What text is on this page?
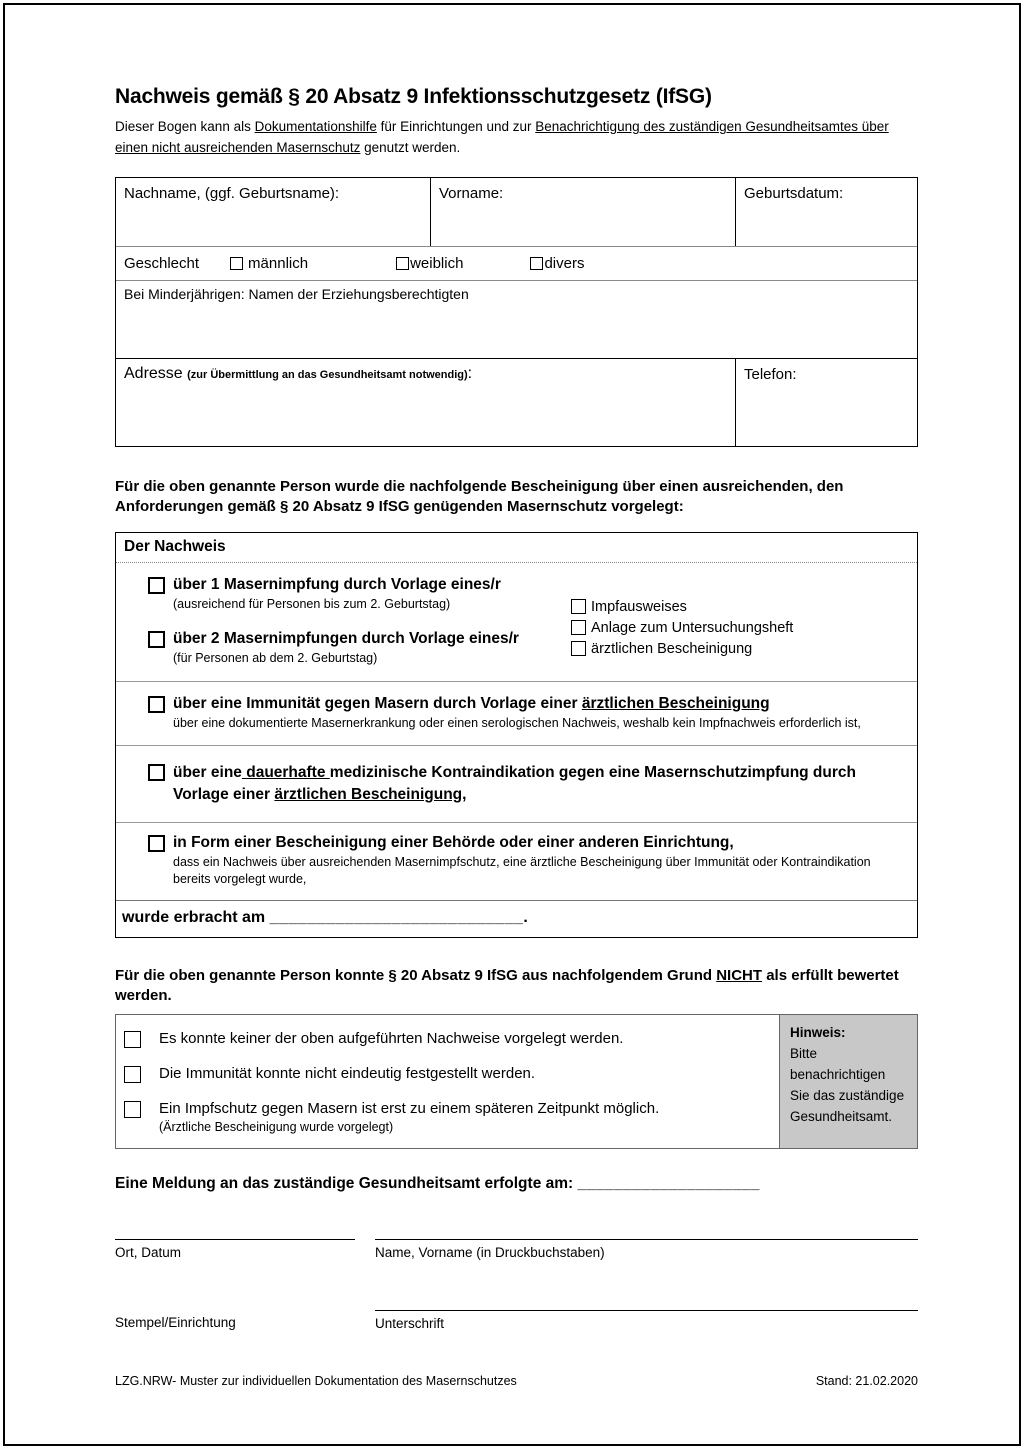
Nachweis gemäß § 20 Absatz 9 Infektionsschutzgesetz (IfSG)
Dieser Bogen kann als Dokumentationshilfe für Einrichtungen und zur Benachrichtigung des zuständigen Gesundheitsamtes über einen nicht ausreichenden Masernschutz genutzt werden.
Nachname, (ggf. Geburtsname):	Vorname:	Geburtsdatum:
Geschlecht	männlich	weiblich	divers
Bei Minderjährigen: Namen der Erziehungsberechtigten
Adresse (zur Übermittlung an das Gesundheitsamt notwendig):	Telefon:
Für die oben genannte Person wurde die nachfolgende Bescheinigung über einen ausreichenden, den Anforderungen gemäß § 20 Absatz 9 IfSG genügenden Masernschutz vorgelegt:
Der Nachweis
über 1 Masernimpfung durch Vorlage eines/r
(ausreichend für Personen bis zum 2. Geburtstag)
über 2 Masernimpfungen durch Vorlage eines/r
(für Personen ab dem 2. Geburtstag)
Impfausweises
Anlage zum Untersuchungsheft
ärztlichen Bescheinigung
über eine Immunität gegen Masern durch Vorlage einer ärztlichen Bescheinigung
über eine dokumentierte Masernerkrankung oder einen serologischen Nachweis, weshalb kein Impfnachweis erforderlich ist,
über eine dauerhafte medizinische Kontraindikation gegen eine Masernschutzimpfung durch Vorlage einer ärztlichen Bescheinigung,
in Form einer Bescheinigung einer Behörde oder einer anderen Einrichtung,
dass ein Nachweis über ausreichenden Masernimpfschutz, eine ärztliche Bescheinigung über Immunität oder Kontraindikation bereits vorgelegt wurde,
wurde erbracht am ___________________________.
Für die oben genannte Person konnte § 20 Absatz 9 IfSG aus nachfolgendem Grund NICHT als erfüllt bewertet werden.
Es konnte keiner der oben aufgeführten Nachweise vorgelegt werden.
Die Immunität konnte nicht eindeutig festgestellt werden.
Ein Impfschutz gegen Masern ist erst zu einem späteren Zeitpunkt möglich.
(Ärztliche Bescheinigung wurde vorgelegt)
Hinweis:
Bitte benachrichtigen Sie das zuständige Gesundheitsamt.
Eine Meldung an das zuständige Gesundheitsamt erfolgte am: ____________________
Ort, Datum	Name, Vorname (in Druckbuchstaben)
Stempel/Einrichtung	Unterschrift
LZG.NRW- Muster zur individuellen Dokumentation des Masernschutzes	Stand: 21.02.2020
